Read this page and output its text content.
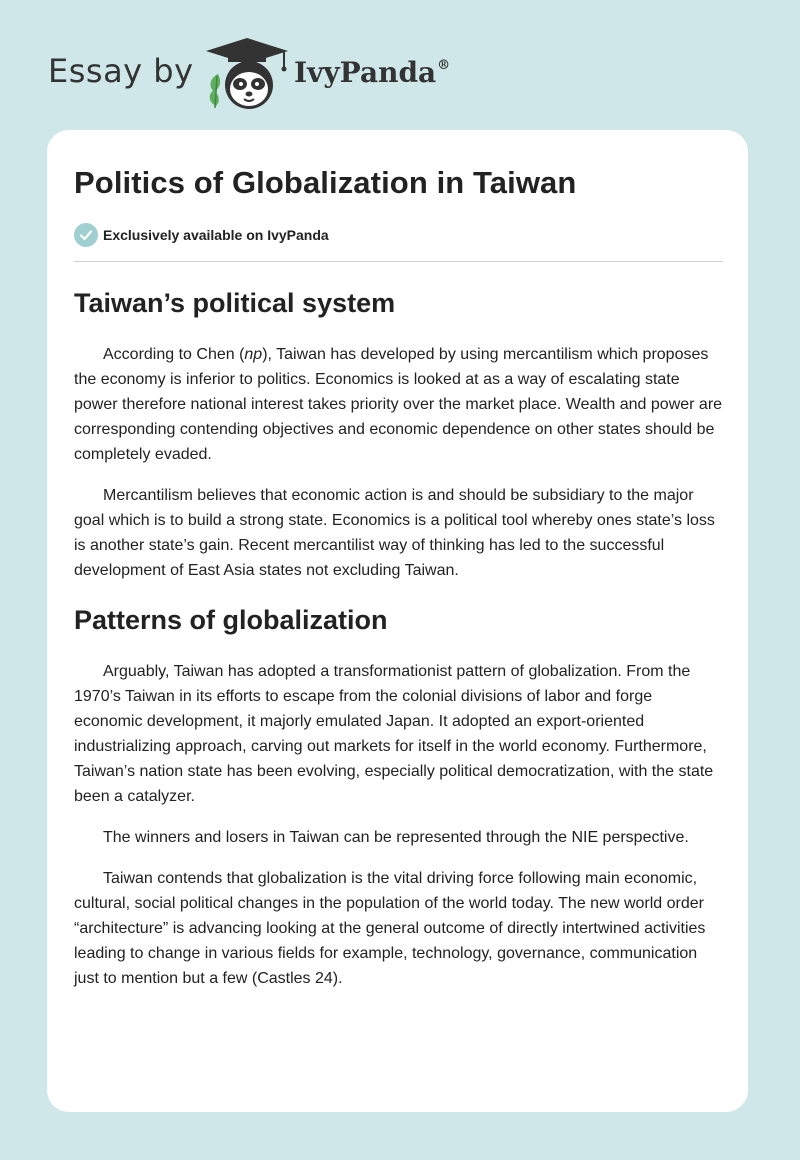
Essay by	IvyPanda®
Politics of Globalization in Taiwan
Exclusively available on IvyPanda
Taiwan’s political system

According to Chen (np), Taiwan has developed by using mercantilism which proposes the economy is inferior to politics. Economics is looked at as a way of escalating state power therefore national interest takes priority over the market place. Wealth and power are corresponding contending objectives and economic dependence on other states should be completely evaded.

Mercantilism believes that economic action is and should be subsidiary to the major goal which is to build a strong state. Economics is a political tool whereby ones state’s loss is another state’s gain. Recent mercantilist way of thinking has led to the successful development of East Asia states not excluding Taiwan.

Patterns of globalization

Arguably, Taiwan has adopted a transformationist pattern of globalization. From the 1970’s Taiwan in its efforts to escape from the colonial divisions of labor and forge economic development, it majorly emulated Japan. It adopted an export-oriented industrializing approach, carving out markets for itself in the world economy. Furthermore, Taiwan’s nation state has been evolving, especially political democratization, with the state been a catalyzer.

The winners and losers in Taiwan can be represented through the NIE perspective.

Taiwan contends that globalization is the vital driving force following main economic, cultural, social political changes in the population of the world today. The new world order “architecture” is advancing looking at the general outcome of directly intertwined activities leading to change in various fields for example, technology, governance, communication just to mention but a few (Castles 24).
